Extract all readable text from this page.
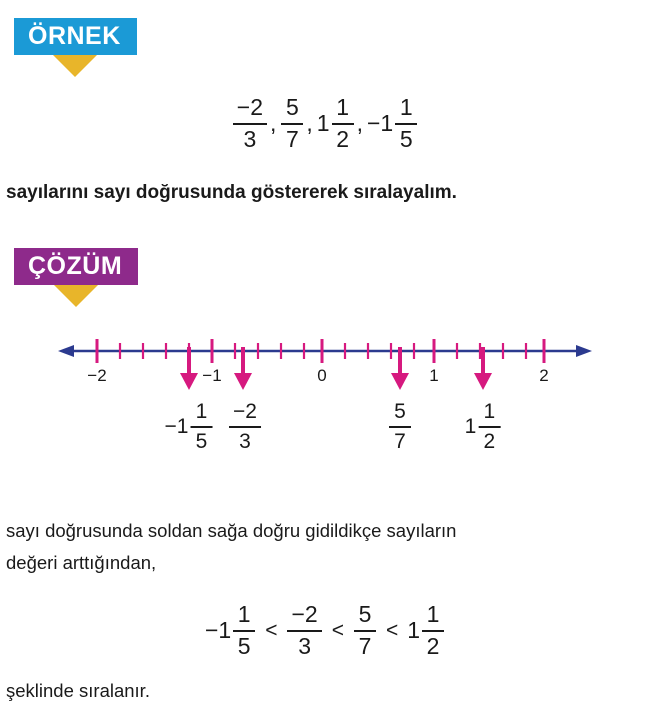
ÖRNEK
$\frac{-2}{3}$ , $\frac{5}{7}$ , $1 \frac{1}{2}$ , $-1 \frac{1}{5}$
sayılarını sayı doğrusunda göstererek sıralayalım.
ÇÖZÜM
−2	−1	0	1	2
$-1 \frac{1}{5} \frac{-2}{3}$	$\frac{5}{7}$	$1 \frac{1}{2}$
sayı doğrusunda soldan sağa doğru gidildikçe sayıların
değeri arttığından,
$-1 \frac{1}{5} < \frac{-2}{3} < \frac{5}{7} < 1 \frac{1}{2}$
şeklinde sıralanır.
